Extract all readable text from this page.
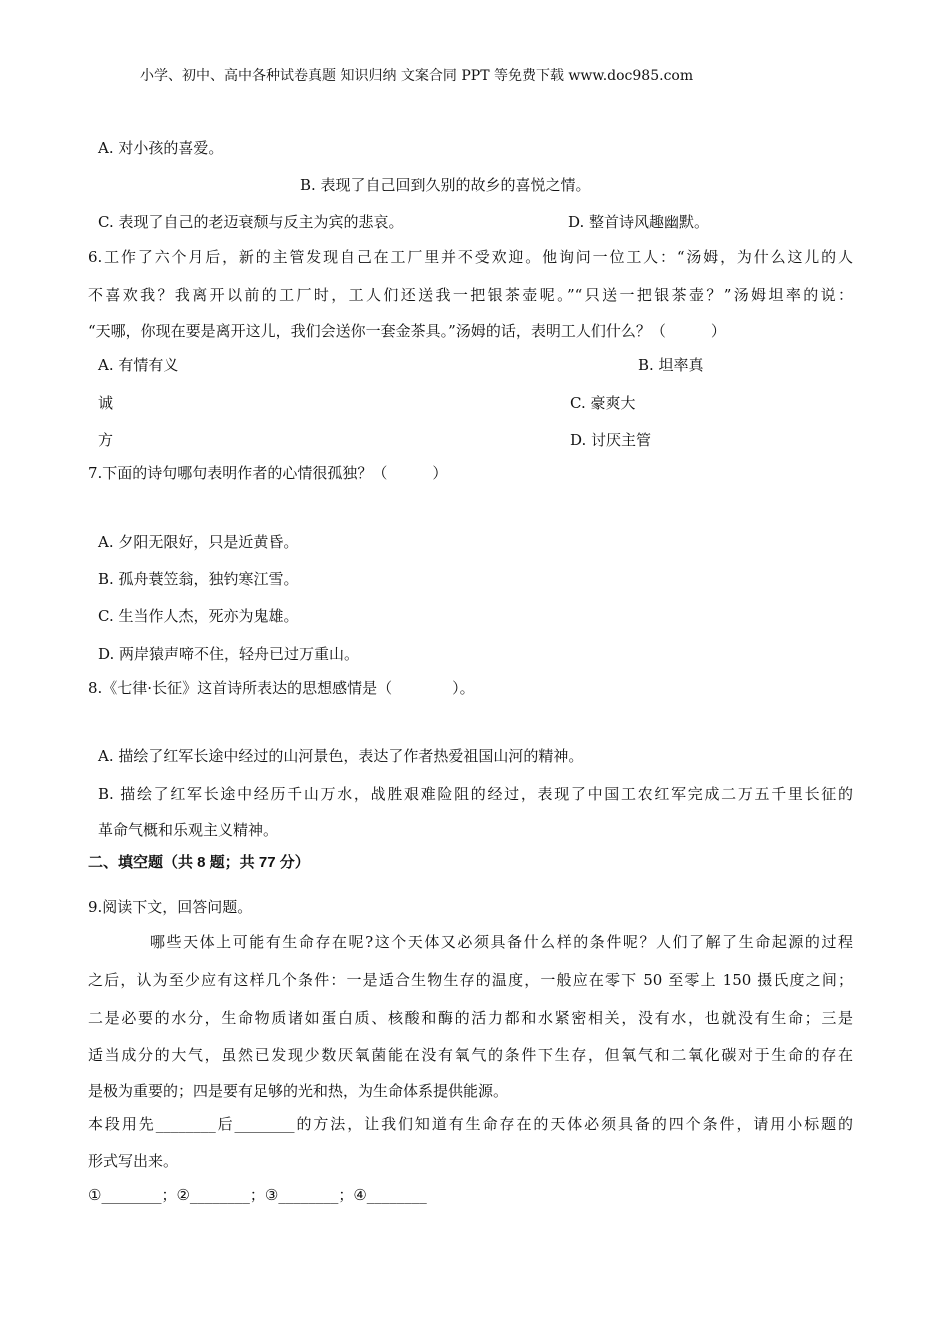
小学、初中、高中各种试卷真题 知识归纳 文案合同 PPT 等免费下载 www.doc985.com
A. 对小孩的喜爱。
B. 表现了自己回到久别的故乡的喜悦之情。
C. 表现了自己的老迈衰颓与反主为宾的悲哀。	D. 整首诗风趣幽默。
6.工作了六个月后，新的主管发现自己在工厂里并不受欢迎。他询问一位工人：“汤姆，为什么这儿的人
不喜欢我？我离开以前的工厂时，工人们还送我一把银茶壶呢。”“只送一把银茶壶？”汤姆坦率的说：
“天哪，你现在要是离开这儿，我们会送你一套金茶具。”汤姆的话，表明工人们什么？（　　　）
A. 有情有义	B. 坦率真
诚	C. 豪爽大
方	D. 讨厌主管
7.下面的诗句哪句表明作者的心情很孤独？（　　　）
A. 夕阳无限好，只是近黄昏。
B. 孤舟蓑笠翁，独钓寒江雪。
C. 生当作人杰，死亦为鬼雄。
D. 两岸猿声啼不住，轻舟已过万重山。
8.《七律·长征》这首诗所表达的思想感情是（　　　　）。
A. 描绘了红军长途中经过的山河景色，表达了作者热爱祖国山河的精神。
B. 描绘了红军长途中经历千山万水，战胜艰难险阻的经过，表现了中国工农红军完成二万五千里长征的
革命气概和乐观主义精神。
二、填空题（共 8 题；共 77 分）
9.阅读下文，回答问题。
哪些天体上可能有生命存在呢?这个天体又必须具备什么样的条件呢？人们了解了生命起源的过程
之后，认为至少应有这样几个条件：一是适合生物生存的温度，一般应在零下 50 至零上 150 摄氏度之间；
二是必要的水分，生命物质诸如蛋白质、核酸和酶的活力都和水紧密相关，没有水，也就没有生命；三是
适当成分的大气，虽然已发现少数厌氧菌能在没有氧气的条件下生存，但氧气和二氧化碳对于生命的存在
是极为重要的；四是要有足够的光和热，为生命体系提供能源。
本段用先________后________的方法，让我们知道有生命存在的天体必须具备的四个条件，请用小标题的
形式写出来。
①________；②________；③________；④________
